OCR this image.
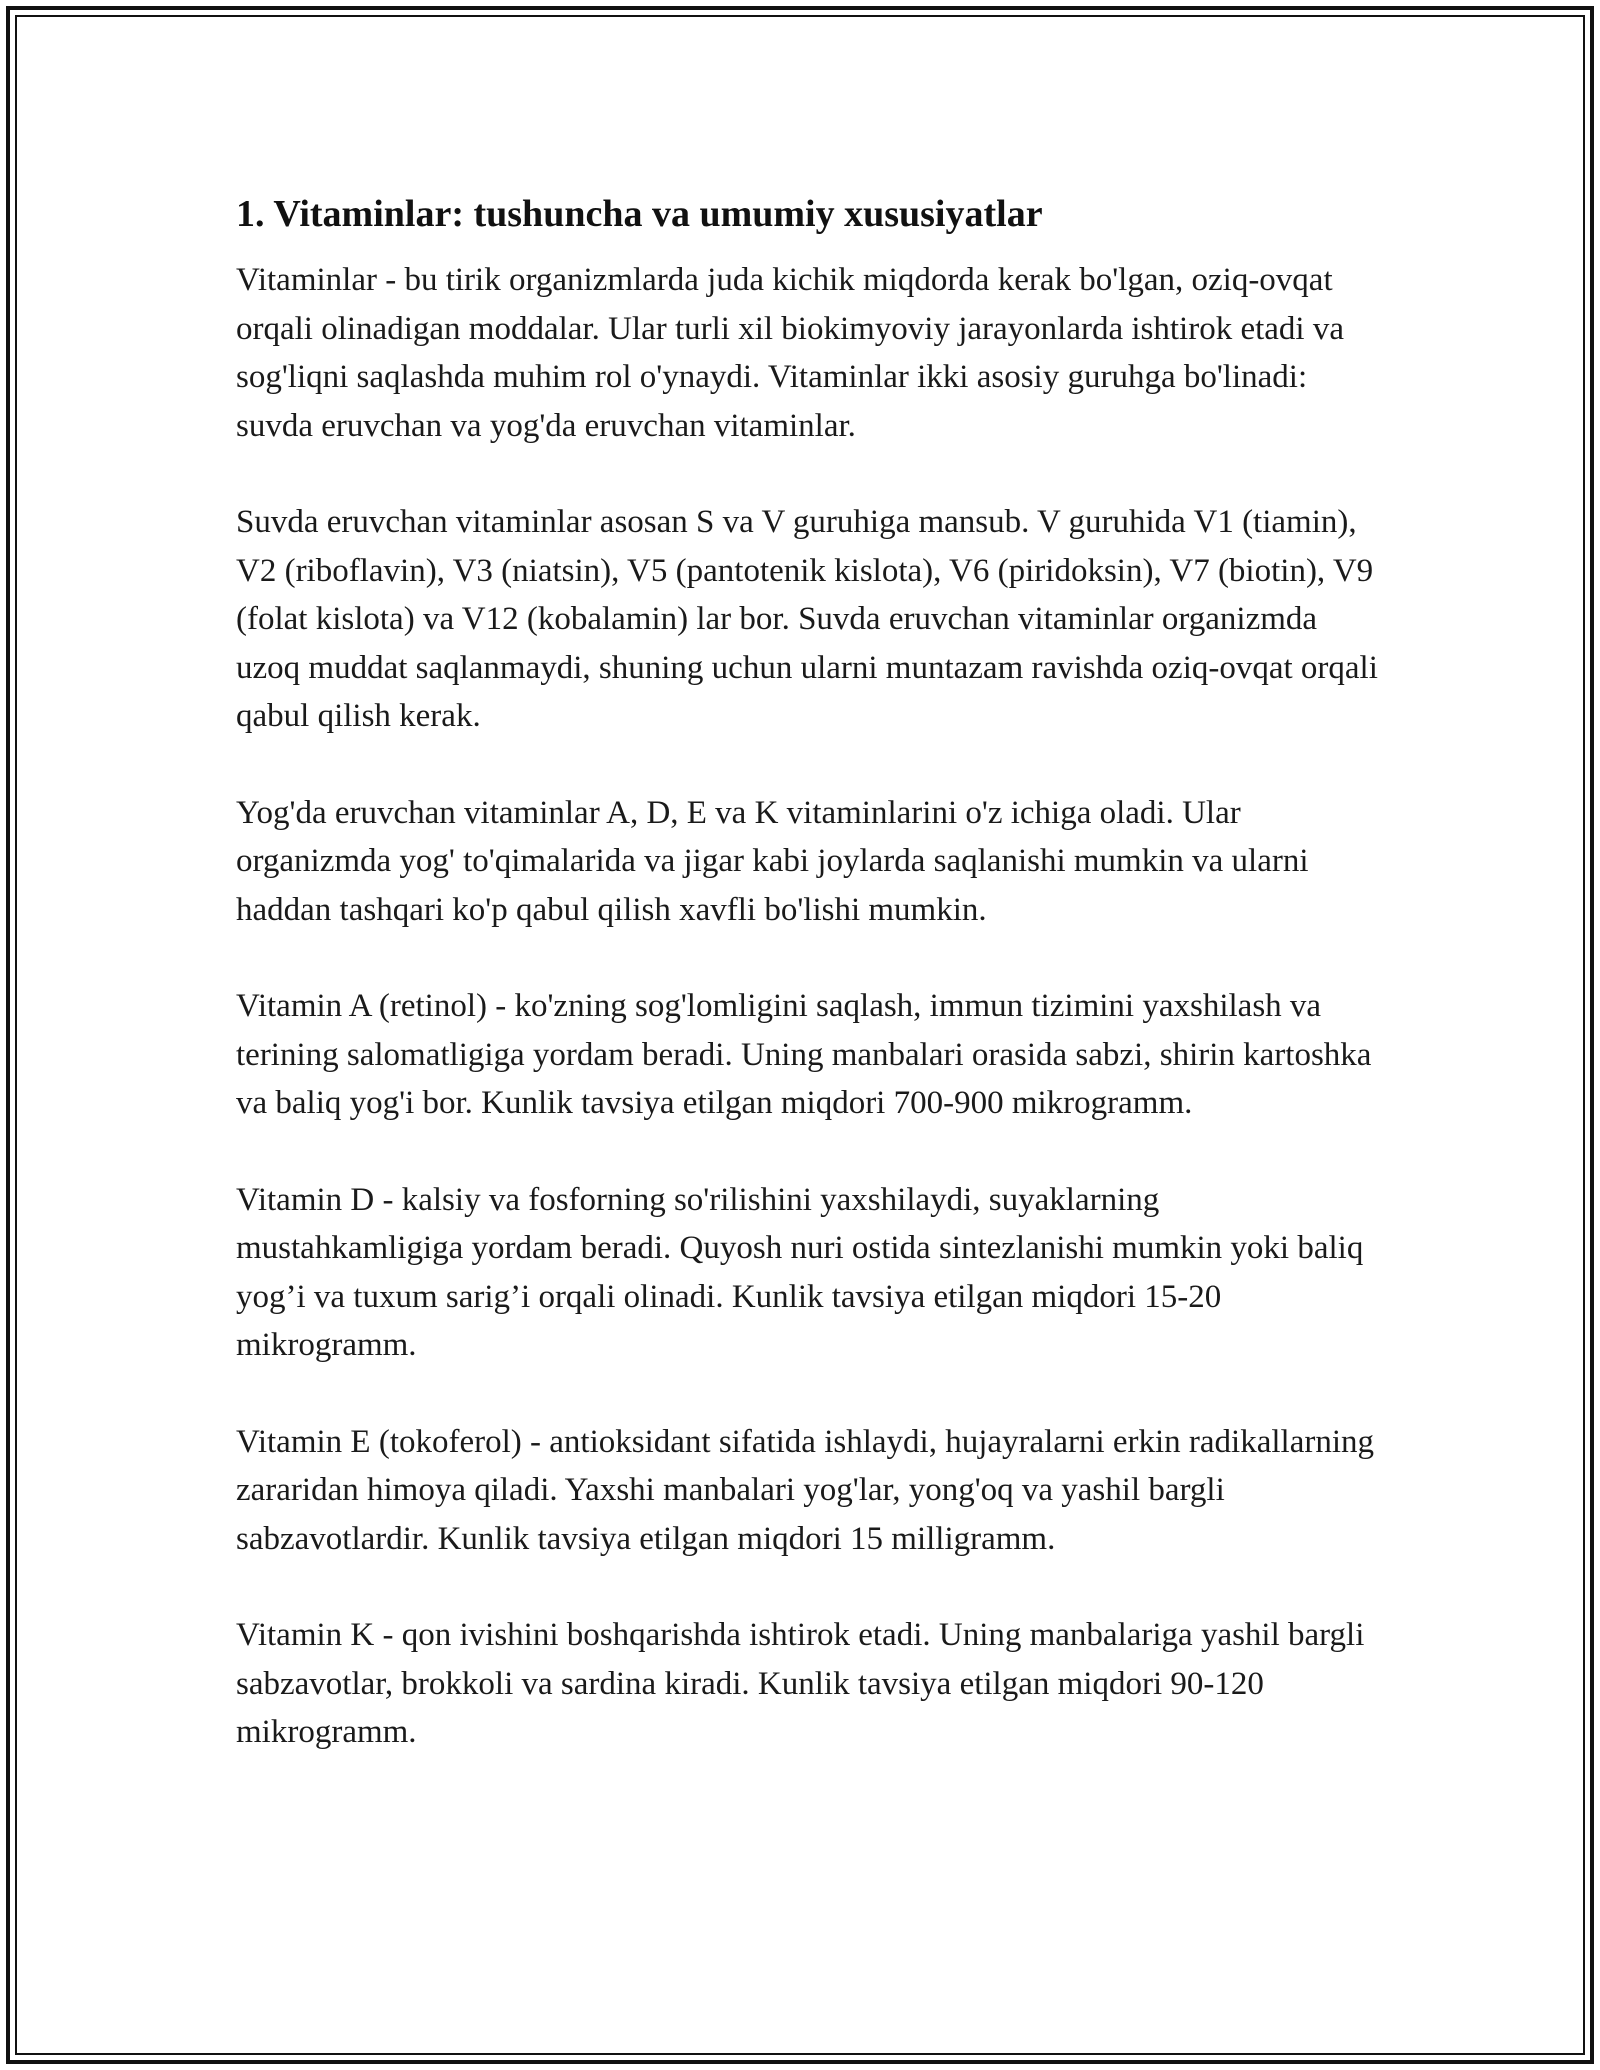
1. Vitaminlar: tushuncha va umumiy xususiyatlar

Vitaminlar - bu tirik organizmlarda juda kichik miqdorda kerak bo'lgan, oziq-ovqat orqali olinadigan moddalar. Ular turli xil biokimyoviy jarayonlarda ishtirok etadi va sog'liqni saqlashda muhim rol o'ynaydi. Vitaminlar ikki asosiy guruhga bo'linadi: suvda eruvchan va yog'da eruvchan vitaminlar.

Suvda eruvchan vitaminlar asosan S va V guruhiga mansub. V guruhida V1 (tiamin), V2 (riboflavin), V3 (niatsin), V5 (pantotenik kislota), V6 (piridoksin), V7 (biotin), V9 (folat kislota) va V12 (kobalamin) lar bor. Suvda eruvchan vitaminlar organizmda uzoq muddat saqlanmaydi, shuning uchun ularni muntazam ravishda oziq-ovqat orqali qabul qilish kerak.

Yog'da eruvchan vitaminlar A, D, E va K vitaminlarini o'z ichiga oladi. Ular organizmda yog' to'qimalarida va jigar kabi joylarda saqlanishi mumkin va ularni haddan tashqari ko'p qabul qilish xavfli bo'lishi mumkin.

Vitamin A (retinol) - ko'zning sog'lomligini saqlash, immun tizimini yaxshilash va terining salomatligiga yordam beradi. Uning manbalari orasida sabzi, shirin kartoshka va baliq yog'i bor. Kunlik tavsiya etilgan miqdori 700-900 mikrogramm.

Vitamin D - kalsiy va fosforning so'rilishini yaxshilaydi, suyaklarning mustahkamligiga yordam beradi. Quyosh nuri ostida sintezlanishi mumkin yoki baliq yog’i va tuxum sarig’i orqali olinadi. Kunlik tavsiya etilgan miqdori 15-20 mikrogramm.

Vitamin E (tokoferol) - antioksidant sifatida ishlaydi, hujayralarni erkin radikallarning zararidan himoya qiladi. Yaxshi manbalari yog'lar, yong'oq va yashil bargli sabzavotlardir. Kunlik tavsiya etilgan miqdori 15 milligramm.

Vitamin K - qon ivishini boshqarishda ishtirok etadi. Uning manbalariga yashil bargli sabzavotlar, brokkoli va sardina kiradi. Kunlik tavsiya etilgan miqdori 90-120 mikrogramm.
